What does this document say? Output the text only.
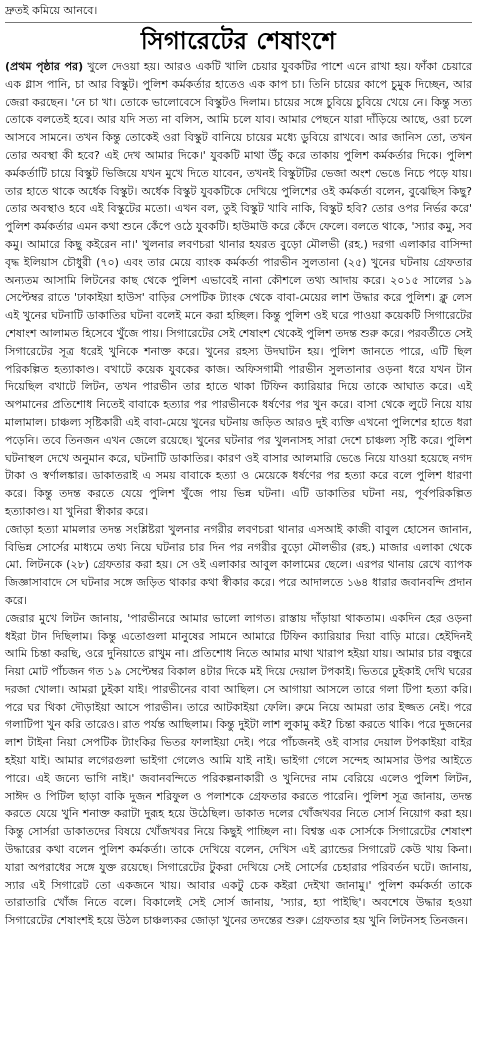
দ্রুতই কমিয়ে আনবে।
সিগারেটের শেষাংশে

(প্রথম পৃষ্ঠার পর) খুলে দেওয়া হয়। আরও একটি খালি চেয়ার যুবকটির পাশে এনে রাখা হয়। ফাঁকা চেয়ারে এক গ্লাস পানি, চা আর বিস্কুট। পুলিশ কর্মকর্তার হাতেও এক কাপ চা। তিনি চায়ের কাপে চুমুক দিচ্ছেন, আর জেরা করছেন। 'নে চা খা। তোকে ভালোবেসে বিস্কুটও দিলাম। চায়ের সঙ্গে চুবিয়ে চুবিয়ে খেয়ে নে। কিন্তু সত্য তোকে বলতেই হবে। আর যদি সত্য না বলিস, আমি চলে যাব। আমার পেছনে যারা দাঁড়িয়ে আছে, ওরা চলে আসবে সামনে। তখন কিন্তু তোকেই ওরা বিস্কুট বানিয়ে চায়ের মধ্যে ডুবিয়ে রাখবে। আর জানিস তো, তখন তোর অবস্থা কী হবে? এই দেখ আমার দিকে।' যুবকটি মাথা উঁচু করে তাকায় পুলিশ কর্মকর্তার দিকে। পুলিশ কর্মকর্তাটি চায়ে বিস্কুট ভিজিয়ে যখন মুখে দিতে যাবেন, তখনই বিস্কুটটির ভেজা অংশ ভেঙে নিচে পড়ে যায়। তার হাতে থাকে অর্ধেক বিস্কুট। অর্ধেক বিস্কুট যুবকটিকে দেখিয়ে পুলিশের ওই কর্মকর্তা বলেন, বুঝেছিস কিছু? তোর অবস্থাও হবে এই বিস্কুটের মতো। এখন বল, তুই বিস্কুট খাবি নাকি, বিস্কুট হবি? তোর ওপর নির্ভর করে' পুলিশ কর্মকর্তার এমন কথা শুনে কেঁপে ওঠে যুবকটি। হাউমাউ করে কেঁদে ফেলে। বলতে থাকে, 'স্যার কমু, সব কমু। আমারে কিছু কইরেন না।' খুলনার লবণচরা থানার হযরত বুড়ো মৌলভী (রহ.) দরগা এলাকার বাসিন্দা বৃদ্ধ ইলিয়াস চৌধুরী (৭০) এবং তার মেয়ে ব্যাংক কর্মকর্তা পারভীন সুলতানা (২৫) খুনের ঘটনায় গ্রেফতার অন্যতম আসামি লিটনের কাছ থেকে পুলিশ এভাবেই নানা কৌশলে তথ্য আদায় করে। ২০১৫ সালের ১৯ সেপ্টেম্বর রাতে 'ঢাকাইয়া হাউস' বাড়ির সেপটিক ট্যাংক থেকে বাবা-মেয়ের লাশ উদ্ধার করে পুলিশ। ক্লু লেস এই খুনের ঘটনাটি ডাকাতির ঘটনা বলেই মনে করা হচ্ছিল। কিন্তু পুলিশ ওই ঘরে পাওয়া কয়েকটি সিগারেটের শেষাংশ আলামত হিসেবে খুঁজে পায়। সিগারেটের সেই শেষাংশ থেকেই পুলিশ তদন্ত শুরু করে। পরবর্তীতে সেই সিগারেটের সূত্র ধরেই খুনিকে শনাক্ত করে। খুনের রহস্য উদঘাটন হয়। পুলিশ জানতে পারে, এটি ছিল পরিকল্পিত হত্যাকাণ্ড। বখাটে কয়েক যুবকের কাজ। অফিসগামী পারভীন সুলতানার ওড়না ধরে যখন টান দিয়েছিল বখাটে লিটন, তখন পারভীন তার হাতে থাকা টিফিন ক্যারিয়ার দিয়ে তাকে আঘাত করে। এই অপমানের প্রতিশোধ নিতেই বাবাকে হত্যার পর পারভীনকে ধর্ষণের পর খুন করে। বাসা থেকে লুটে নিয়ে যায় মালামাল। চাঞ্চল্য সৃষ্টিকারী এই বাবা-মেয়ে খুনের ঘটনায় জড়িত আরও দুই ব্যক্তি এখনো পুলিশের হাতে ধরা পড়েনি। তবে তিনজন এখন জেলে রয়েছে। খুনের ঘটনার পর খুলনাসহ সারা দেশে চাঞ্চল্য সৃষ্টি করে। পুলিশ ঘটনাস্থল দেখে অনুমান করে, ঘটনাটি ডাকাতির। কারণ ওই বাসার আলমারি ভেঙে নিয়ে যাওয়া হয়েছে নগদ টাকা ও স্বর্ণালঙ্কার। ডাকাতরাই এ সময় বাবাকে হত্যা ও মেয়েকে ধর্ষণের পর হত্যা করে বলে পুলিশ ধারণা করে। কিন্তু তদন্ত করতে যেয়ে পুলিশ খুঁজে পায় ভিন্ন ঘটনা। এটি ডাকাতির ঘটনা নয়, পূর্বপরিকল্পিত হত্যাকাণ্ড। যা খুনিরা স্বীকার করে।

জোড়া হত্যা মামলার তদন্ত সংশ্লিষ্টরা খুলনার নগরীর লবণচরা থানার এসআই কাজী বাবুল হোসেন জানান, বিভিন্ন সোর্সের মাধ্যমে তথ্য নিয়ে ঘটনার চার দিন পর নগরীর বুড়ো মৌলভীর (রহ.) মাজার এলাকা থেকে মো. লিটনকে (২৮) গ্রেফতার করা হয়। সে ওই এলাকার আবুল কালামের ছেলে। এরপর থানায় রেখে ব্যাপক জিজ্ঞাসাবাদে সে ঘটনার সঙ্গে জড়িত থাকার কথা স্বীকার করে। পরে আদালতে ১৬৪ ধারার জবানবন্দি প্রদান করে।

জেরার মুখে লিটন জানায়, 'পারভীনরে আমার ভালো লাগত। রাস্তায় দাঁড়ায়া থাকতাম। একদিন হের ওড়না ধইরা টান দিছিলাম। কিন্তু এতোগুলা মানুষের সামনে আমারে টিফিন ক্যারিয়ার দিয়া বাড়ি মারে। হেইদিনই আমি চিন্তা করছি, ওরে দুনিয়াতে রাখুম না। প্রতিশোধ নিতে আমার মাথা খারাপ হইয়া যায়। আমার চার বন্ধুরে নিয়া মোট পাঁচজন গত ১৯ সেপ্টেম্বর বিকাল ৪টার দিকে মই দিয়ে দেয়াল টপকাই। ভিতরে ঢুইকাই দেখি ঘরের দরজা খোলা। আমরা ঢুইকা যাই। পারভীনের বাবা আছিল। সে আগায়া আসলে তারে গলা টিপা হত্যা করি। পরে ঘর থিকা দৌড়াইয়া আসে পারভীন। তারে আটকাইয়া ফেলি। রুমে নিয়ে আমরা তার ইজ্জত নেই। পরে গলাটিপা খুন করি তারেও। রাত পর্যন্ত আছিলাম। কিন্তু দুইটা লাশ লুকামু কই? চিন্তা করতে থাকি। পরে দুজনের লাশ টাইনা নিয়া সেপটিক ট্যাংকির ভিতর ফালাইয়া দেই। পরে পাঁচজনই ওই বাসার দেয়াল টপকাইয়া বাইর হইয়া যাই। আমার লগেরগুলা ভাইগা গেলেও আমি যাই নাই। ভাইগা গেলে সন্দেহ আমসার উপর আইতে পারে। এই জন্যে ভাগি নাই।' জবানবন্দিতে পরিকল্পনাকারী ও খুনিদের নাম বেরিয়ে এলেও পুলিশ লিটন, সাঈদ ও পিটিল ছাড়া বাকি দুজন শরিফুল ও পলাশকে গ্রেফতার করতে পারেনি। পুলিশ সূত্র জানায়, তদন্ত করতে যেয়ে খুনি শনাক্ত করাটা দুরূহ হয়ে উঠেছিল। ডাকাত দলের খোঁজখবর নিতে সোর্স নিয়োগ করা হয়। কিন্তু সোর্সরা ডাকাতদের বিষয়ে খোঁজখবর নিয়ে কিছুই পাচ্ছিল না। বিশ্বস্ত এক সোর্সকে সিগারেটের শেষাংশ উদ্ধারের কথা বলেন পুলিশ কর্মকর্তা। তাকে দেখিয়ে বলেন, দেখিস এই ব্র্যান্ডের সিগারেট কেউ খায় কিনা। যারা অপরাধের সঙ্গে যুক্ত রয়েছে। সিগারেটের টুকরা দেখিয়ে সেই সোর্সের চেহারার পরিবর্তন ঘটে। জানায়, স্যার এই সিগারেট তো একজনে খায়। আবার একটু চেক কইরা দেইখা জানামু।' পুলিশ কর্মকর্তা তাকে তারাতারি খোঁজ নিতে বলে। বিকালেই সেই সোর্স জানায়, 'স্যার, হ্যা পাইছি'। অবশেষে উদ্ধার হওয়া সিগারেটের শেষাংশই হয়ে উঠল চাঞ্চল্যকর জোড়া খুনের তদন্তের শুরু। গ্রেফতার হয় খুনি লিটনসহ তিনজন।
